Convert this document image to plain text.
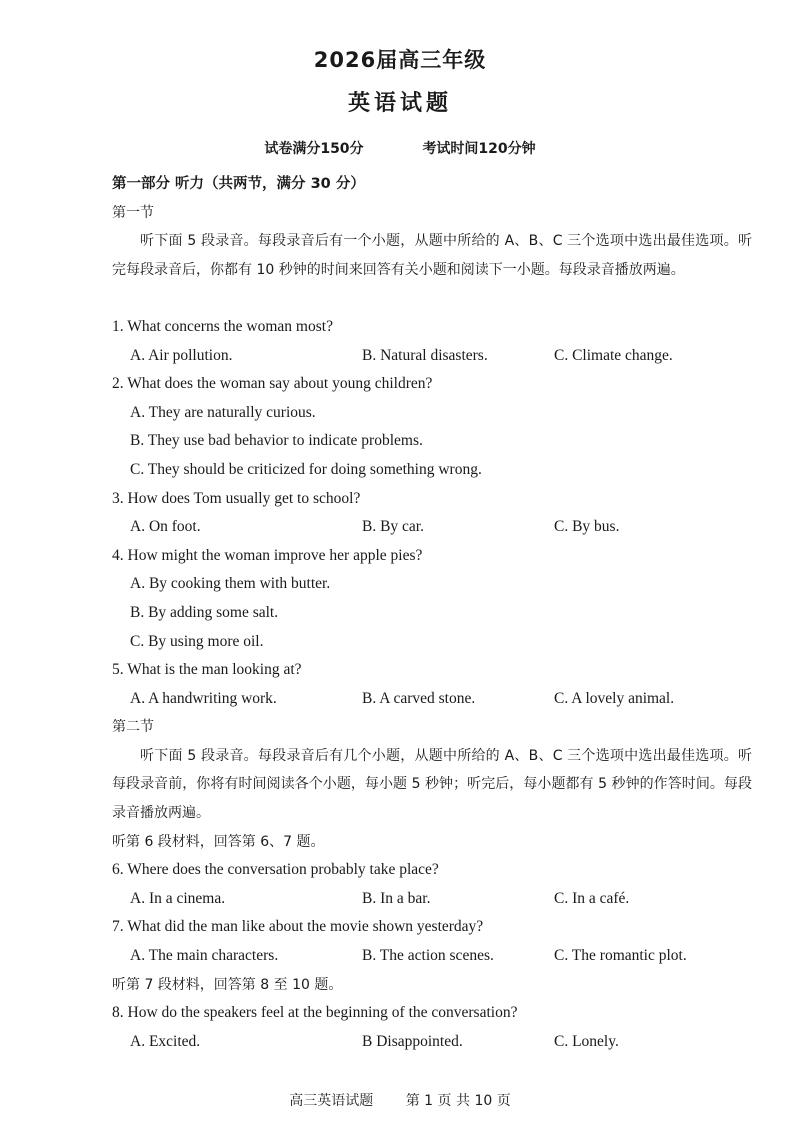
2026届高三年级
英语试题
试卷满分150分	考试时间120分钟
第一部分 听力（共两节，满分 30 分）
第一节
听下面 5 段录音。每段录音后有一个小题，从题中所给的 A、B、C 三个选项中选出最佳选项。听完每段录音后，你都有 10 秒钟的时间来回答有关小题和阅读下一小题。每段录音播放两遍。
1. What concerns the woman most?
A. Air pollution.	B. Natural disasters.	C. Climate change.
2. What does the woman say about young children?
A. They are naturally curious.
B. They use bad behavior to indicate problems.
C. They should be criticized for doing something wrong.
3. How does Tom usually get to school?
A. On foot.	B. By car.	C. By bus.
4. How might the woman improve her apple pies?
A. By cooking them with butter.
B. By adding some salt.
C. By using more oil.
5. What is the man looking at?
A. A handwriting work.	B. A carved stone.	C. A lovely animal.
第二节
听下面 5 段录音。每段录音后有几个小题，从题中所给的 A、B、C 三个选项中选出最佳选项。听每段录音前，你将有时间阅读各个小题，每小题 5 秒钟；听完后，每小题都有 5 秒钟的作答时间。每段录音播放两遍。
听第 6 段材料，回答第 6、7 题。
6. Where does the conversation probably take place?
A. In a cinema.	B. In a bar.	C. In a café.
7. What did the man like about the movie shown yesterday?
A. The main characters.	B. The action scenes.	C. The romantic plot.
听第 7 段材料，回答第 8 至 10 题。
8. How do the speakers feel at the beginning of the conversation?
A. Excited.	B Disappointed.	C. Lonely.
高三英语试题 第 1 页 共 10 页
